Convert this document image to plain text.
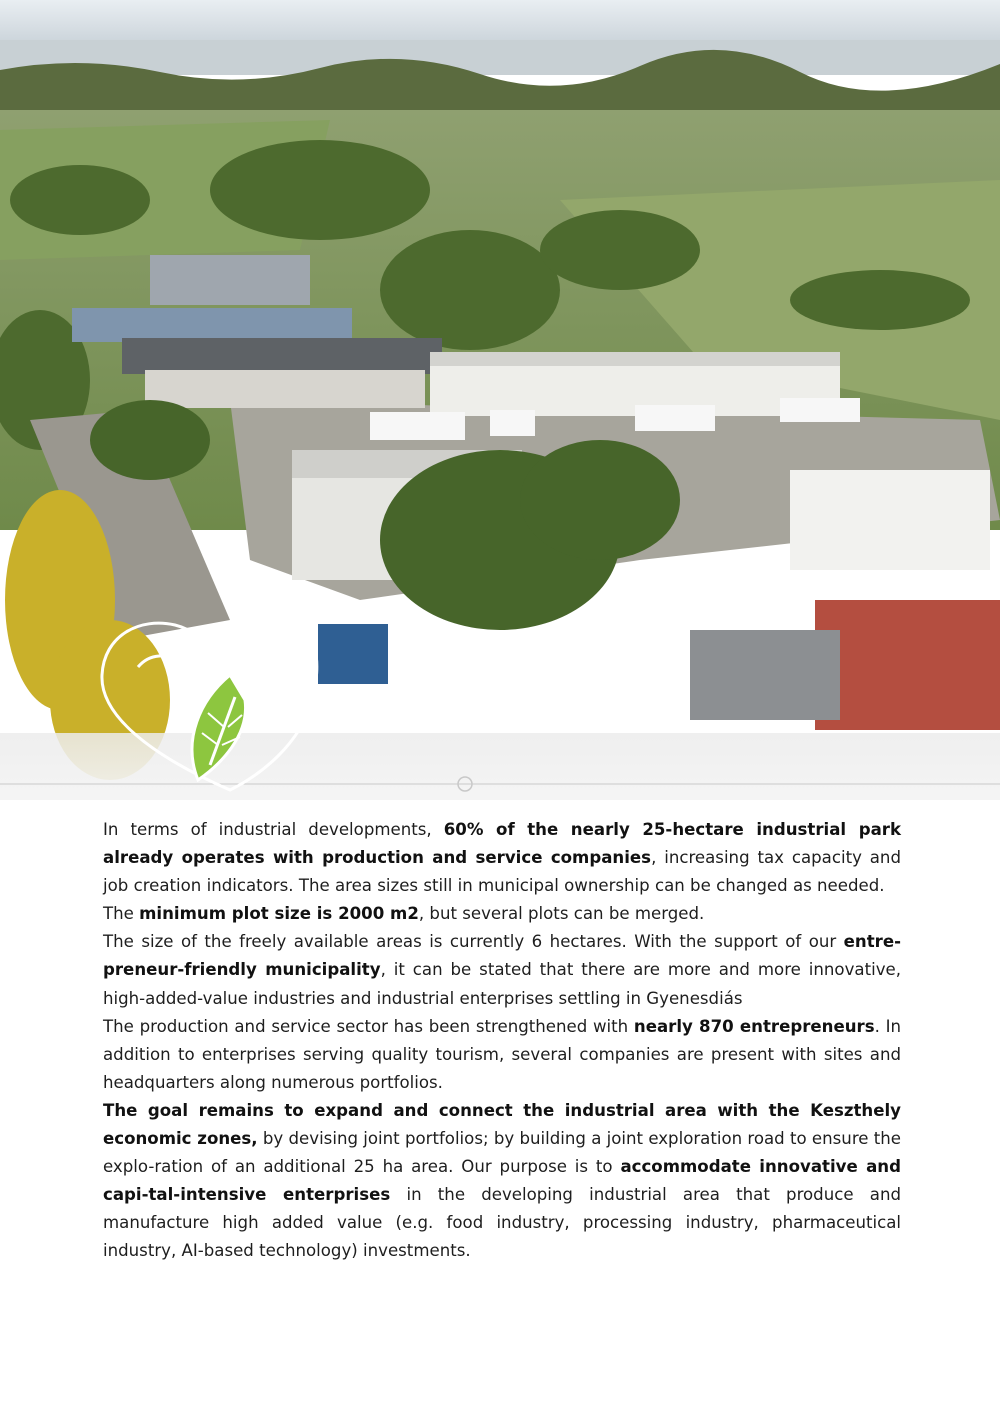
In terms of industrial developments, 60% of the nearly 25-hectare industrial park already operates with production and service companies, increasing tax capacity and job creation indicators. The area sizes still in municipal ownership can be changed as needed.

The minimum plot size is 2000 m2, but several plots can be merged.

The size of the freely available areas is currently 6 hectares. With the support of our entre-preneur-friendly municipality, it can be stated that there are more and more innovative, high-added-value industries and industrial enterprises settling in Gyenesdiás

The production and service sector has been strengthened with nearly 870 entrepreneurs. In addition to enterprises serving quality tourism, several companies are present with sites and headquarters along numerous portfolios.

The goal remains to expand and connect the industrial area with the Keszthely economic zones, by devising joint portfolios; by building a joint exploration road to ensure the explo-ration of an additional 25 ha area. Our purpose is to accommodate innovative and capi-tal-intensive enterprises in the developing industrial area that produce and manufacture high added value (e.g. food industry, processing industry, pharmaceutical industry, AI-based technology) investments.
